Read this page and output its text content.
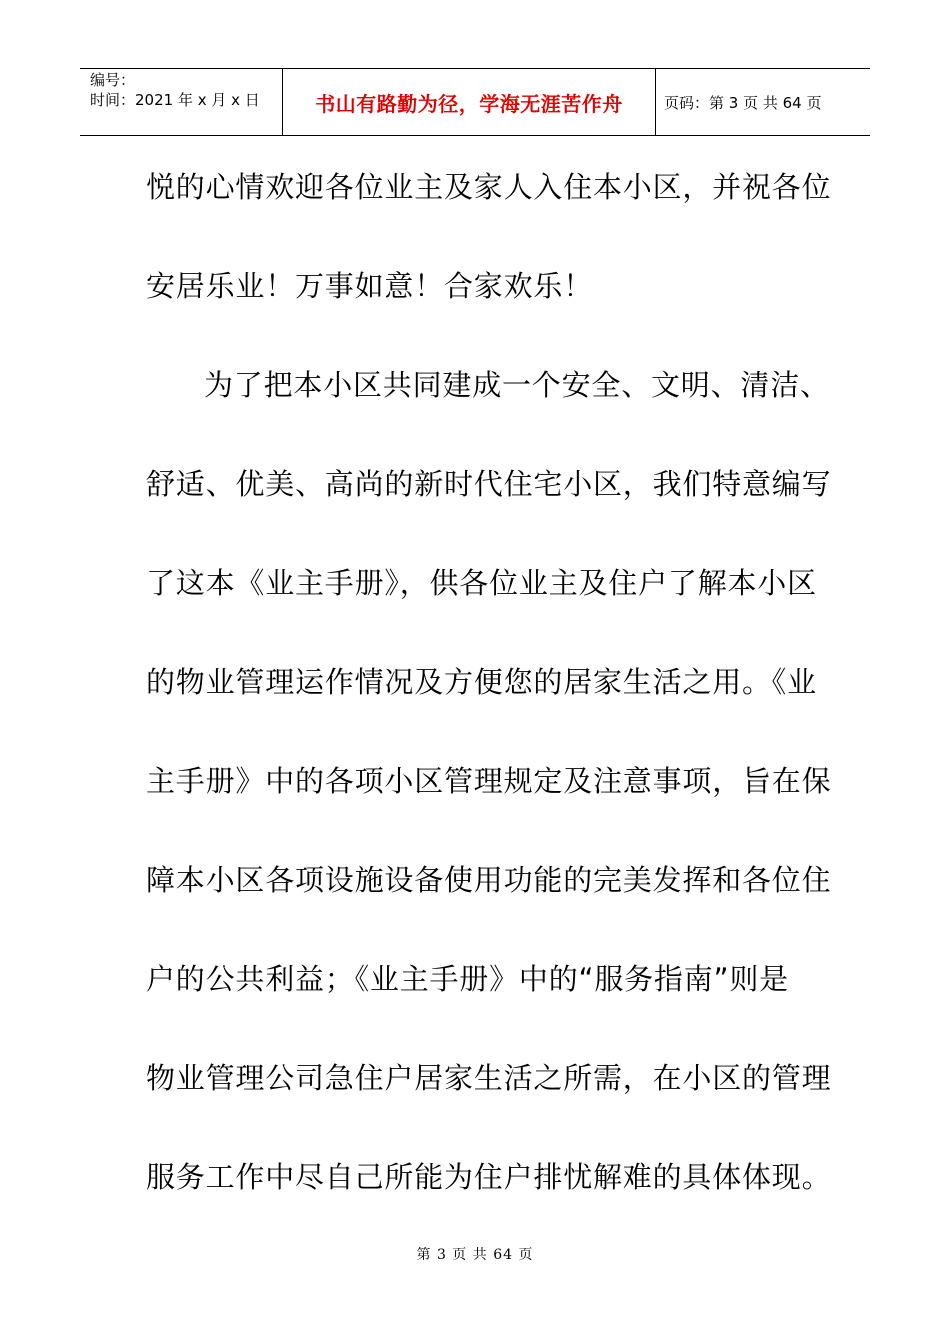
编号：
时间：2021 年 x 月 x 日	书山有路勤为径，学海无涯苦作舟	页码：第 3 页 共 64 页
悦的心情欢迎各位业主及家人入住本小区，并祝各位
安居乐业！万事如意！合家欢乐！
为了把本小区共同建成一个安全、文明、清洁、
舒适、优美、高尚的新时代住宅小区，我们特意编写
了这本《业主手册》，供各位业主及住户了解本小区
的物业管理运作情况及方便您的居家生活之用。《业
主手册》中的各项小区管理规定及注意事项，旨在保
障本小区各项设施设备使用功能的完美发挥和各位住
户的公共利益；《业主手册》中的“服务指南”则是
物业管理公司急住户居家生活之所需，在小区的管理
服务工作中尽自己所能为住户排忧解难的具体体现。
第 3 页 共 64 页
